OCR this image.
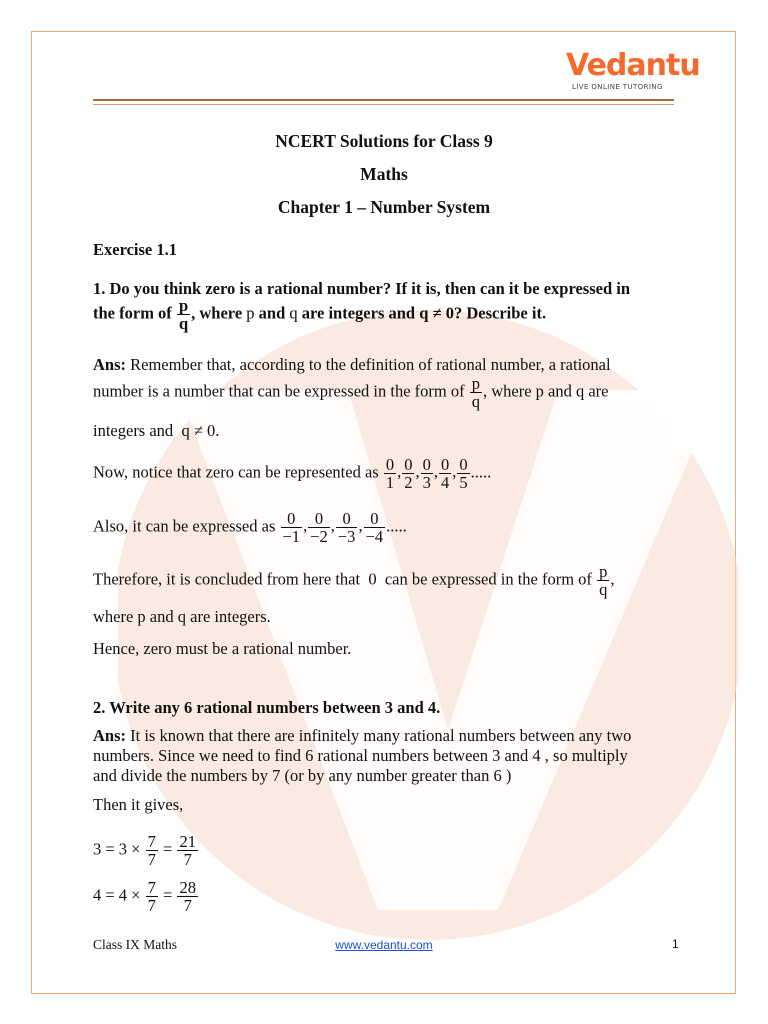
Vedantu
LIVE ONLINE TUTORING
NCERT Solutions for Class 9
Maths
Chapter 1 – Number System
Exercise 1.1
1. Do you think zero is a rational number? If it is, then can it be expressed in
the form of $\frac{p}{q}$ , where p and q are integers and q ≠ 0? Describe it.
Ans: Remember that, according to the definition of rational number, a rational
number is a number that can be expressed in the form of $\frac{p}{q}$ , where p and q are
integers and q ≠ 0.
Now, notice that zero can be represented as $\frac{0}{1}$ , $\frac{0}{2}$ , $\frac{0}{3}$ , $\frac{0}{4}$ , $\frac{0}{5}$ .....
Also, it can be expressed as $\frac{0}{-1}$ , $\frac{0}{-2}$ , $\frac{0}{-3}$ , $\frac{0}{-4}$ .....
Therefore, it is concluded from here that 0 can be expressed in the form of $\frac{p}{q}$ ,
where p and q are integers.
Hence, zero must be a rational number.
2. Write any 6 rational numbers between 3 and 4.
Ans: It is known that there are infinitely many rational numbers between any two
numbers. Since we need to find 6 rational numbers between 3 and 4 , so multiply
and divide the numbers by 7 (or by any number greater than 6 )
Then it gives,
$3 = 3 \times \frac{7}{7} = \frac{21}{7}$
$4 = 4 \times \frac{7}{7} = \frac{28}{7}$
Class IX Maths	www.vedantu.com	1
